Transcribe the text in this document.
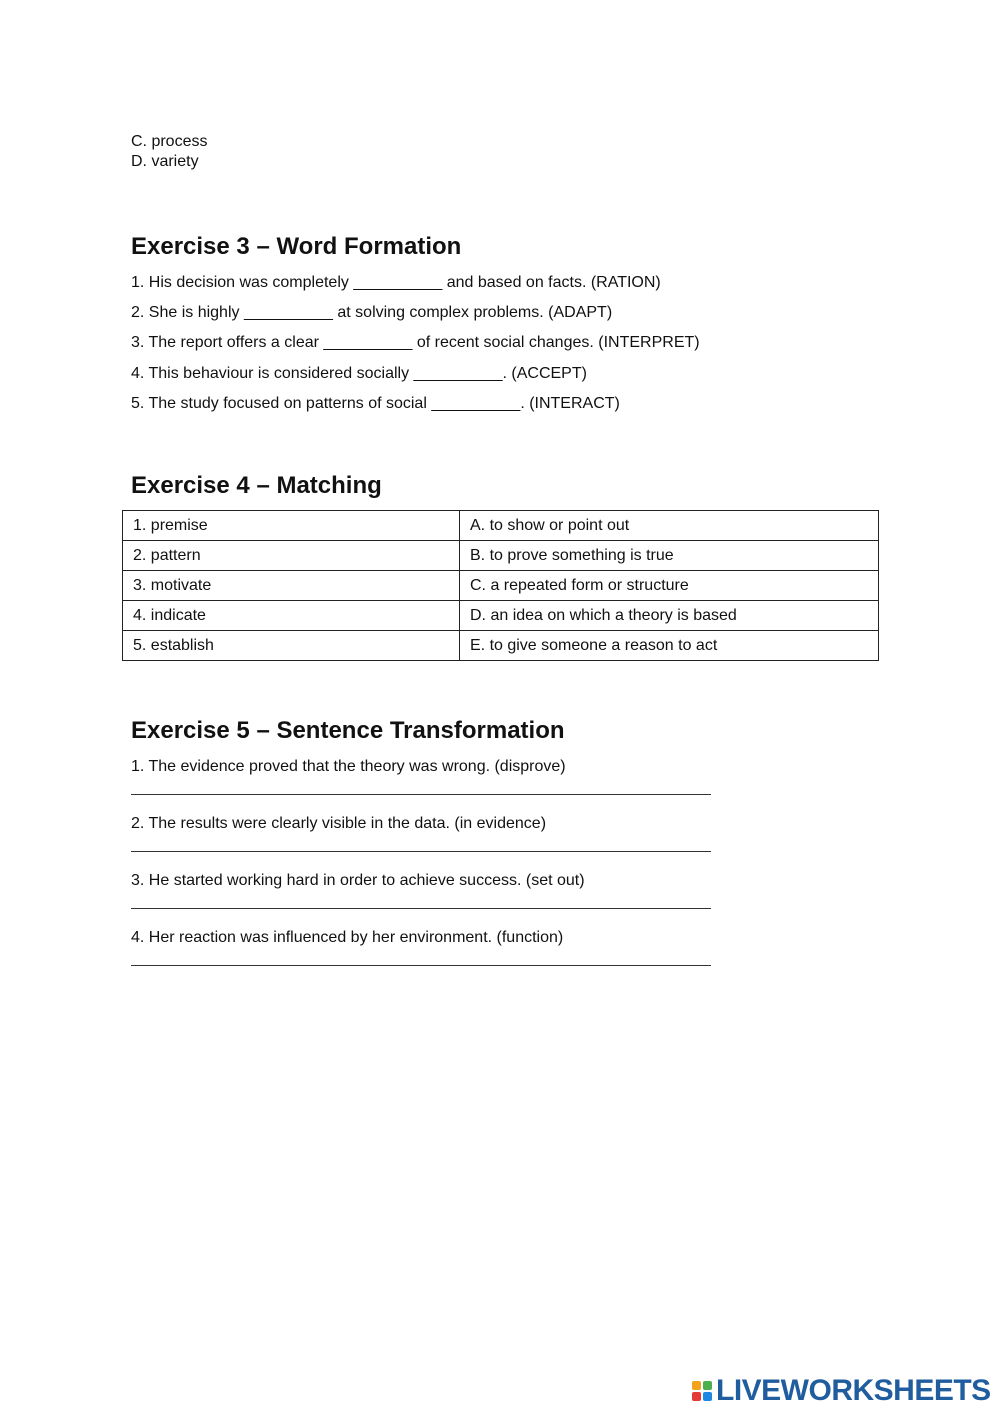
C. process
D. variety
Exercise 3 – Word Formation
1. His decision was completely __________ and based on facts. (RATION)
2. She is highly __________ at solving complex problems. (ADAPT)
3. The report offers a clear __________ of recent social changes. (INTERPRET)
4. This behaviour is considered socially __________. (ACCEPT)
5. The study focused on patterns of social __________. (INTERACT)
Exercise 4 – Matching
1. premise	A. to show or point out
2. pattern	B. to prove something is true
3. motivate	C. a repeated form or structure
4. indicate	D. an idea on which a theory is based
5. establish	E. to give someone a reason to act
Exercise 5 – Sentence Transformation
1. The evidence proved that the theory was wrong. (disprove)
2. The results were clearly visible in the data. (in evidence)
3. He started working hard in order to achieve success. (set out)
4. Her reaction was influenced by her environment. (function)
LIVEWORKSHEETS
